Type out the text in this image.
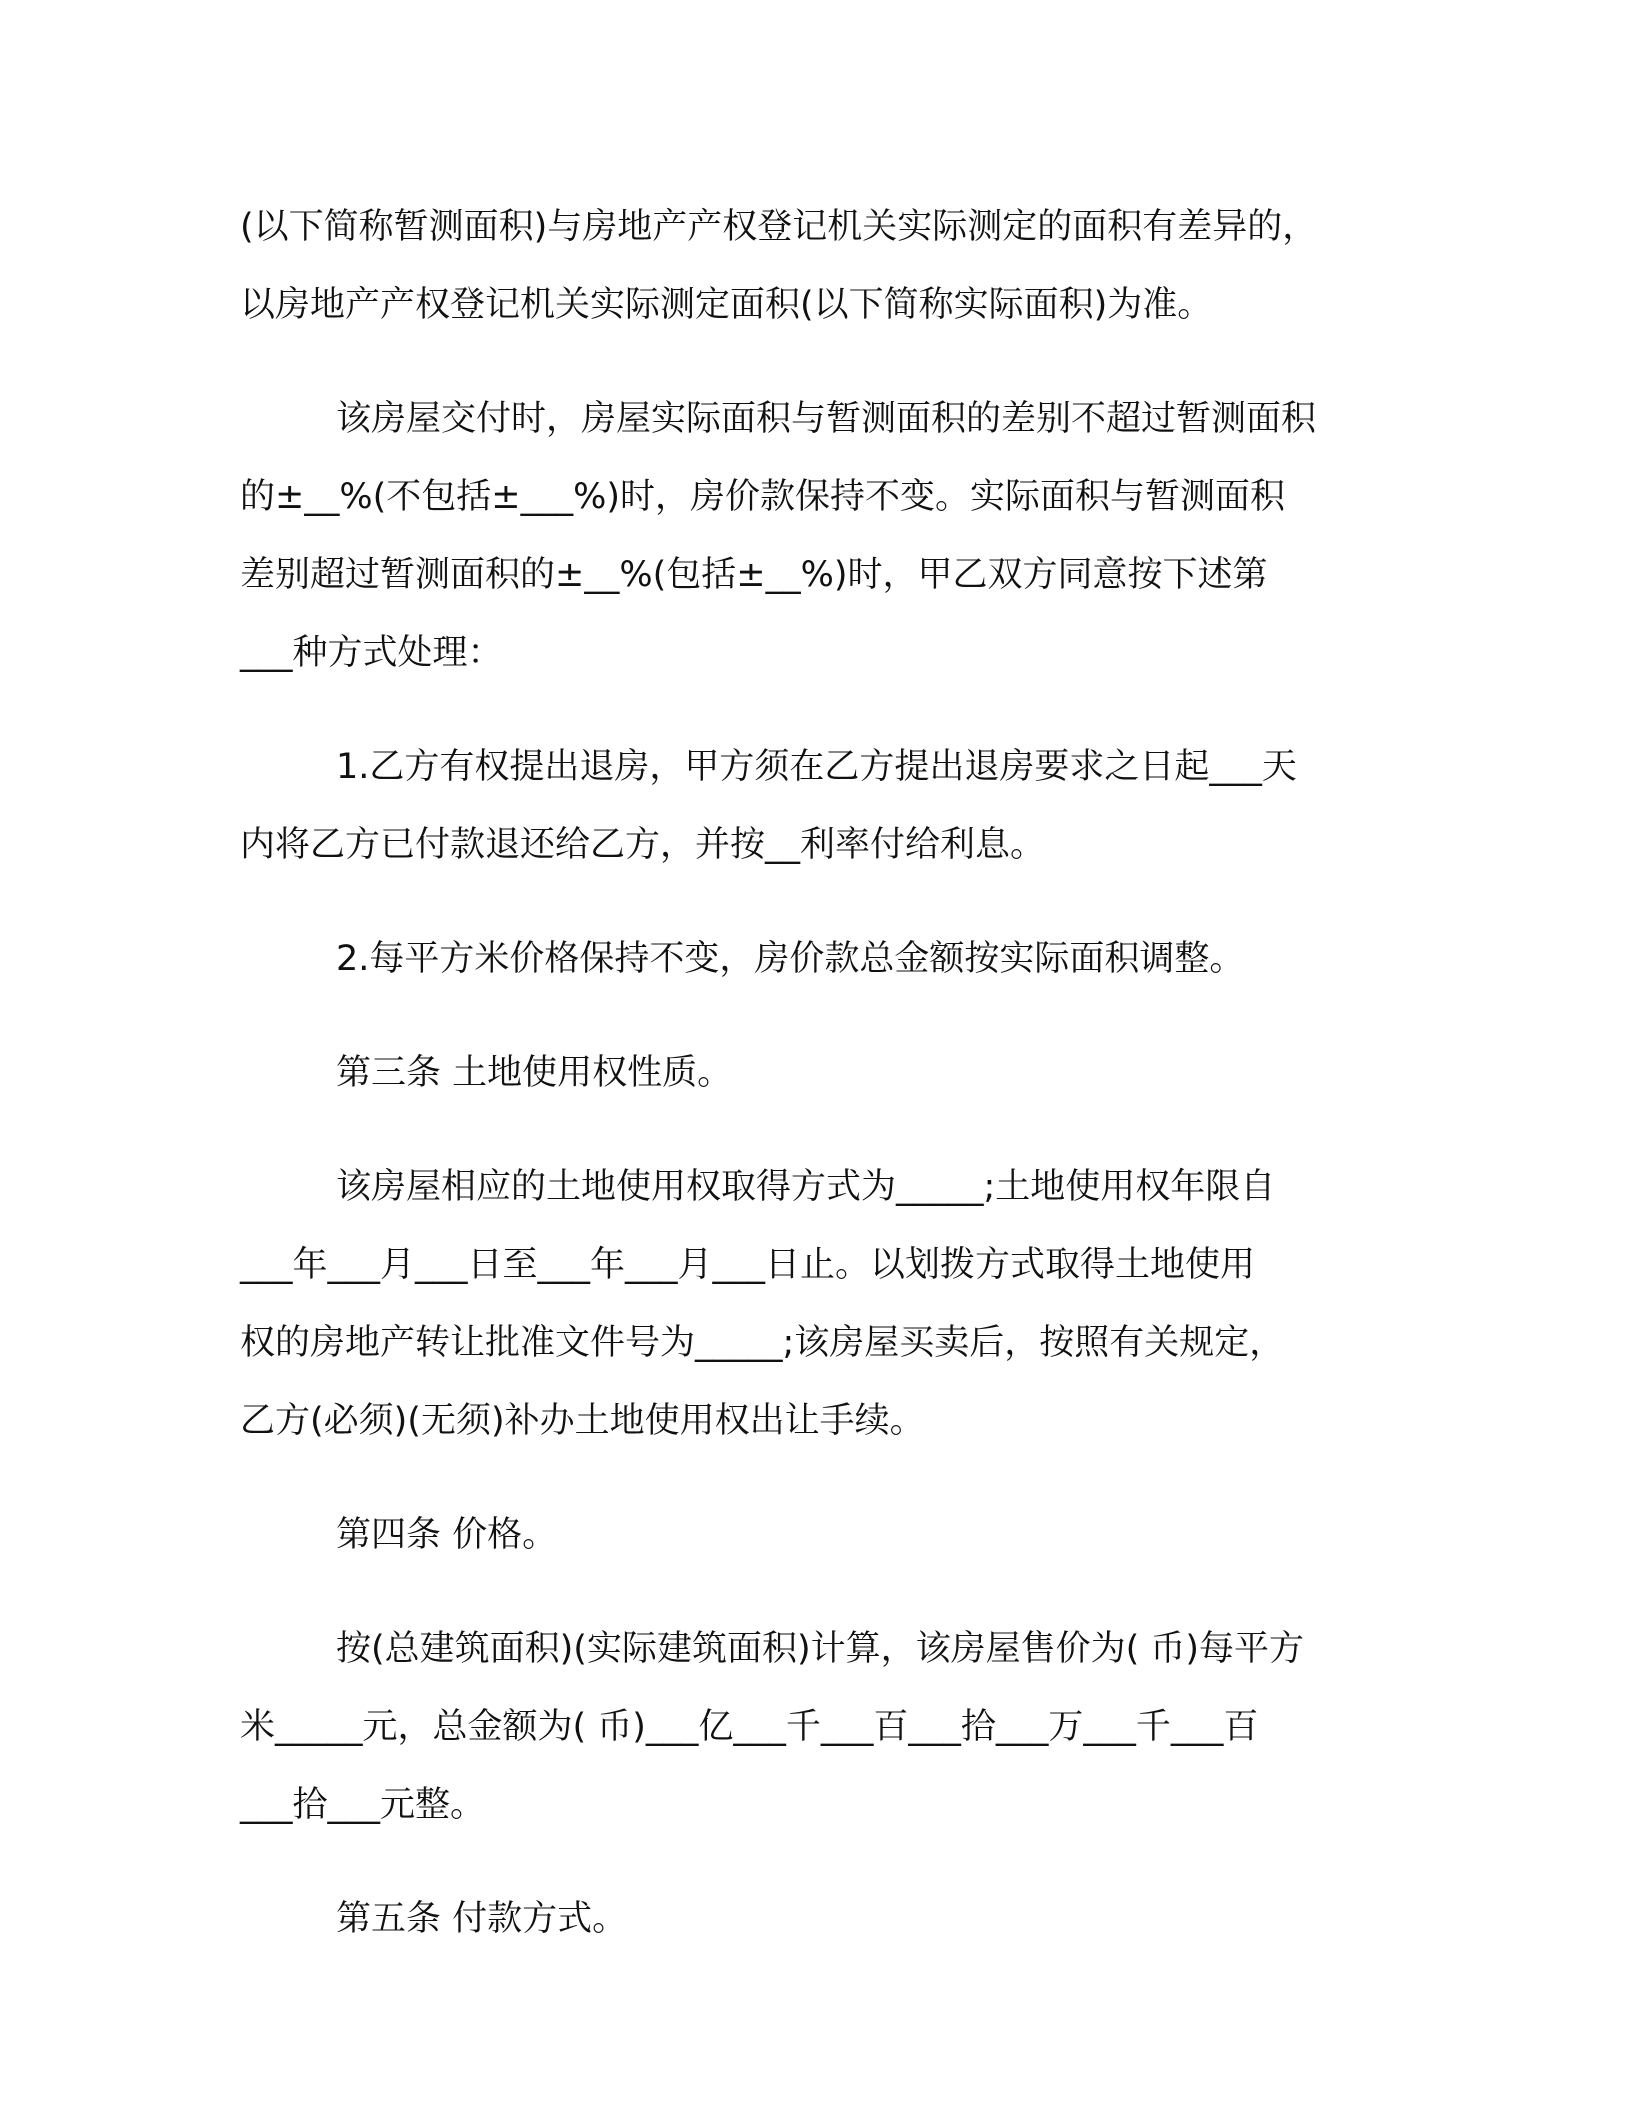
(以下简称暂测面积)与房地产产权登记机关实际测定的面积有差异的，
以房地产产权登记机关实际测定面积(以下简称实际面积)为准。

该房屋交付时，房屋实际面积与暂测面积的差别不超过暂测面积
的±__%(不包括±___%)时，房价款保持不变。实际面积与暂测面积
差别超过暂测面积的±__%(包括±__%)时，甲乙双方同意按下述第
___种方式处理：

1.乙方有权提出退房，甲方须在乙方提出退房要求之日起___天
内将乙方已付款退还给乙方，并按__利率付给利息。

2.每平方米价格保持不变，房价款总金额按实际面积调整。

第三条 土地使用权性质。

该房屋相应的土地使用权取得方式为_____;土地使用权年限自
___年___月___日至___年___月___日止。以划拨方式取得土地使用
权的房地产转让批准文件号为_____;该房屋买卖后，按照有关规定，
乙方(必须)(无须)补办土地使用权出让手续。

第四条 价格。

按(总建筑面积)(实际建筑面积)计算，该房屋售价为( 币)每平方
米_____元，总金额为( 币)___亿___千___百___拾___万___千___百
___拾___元整。

第五条 付款方式。
